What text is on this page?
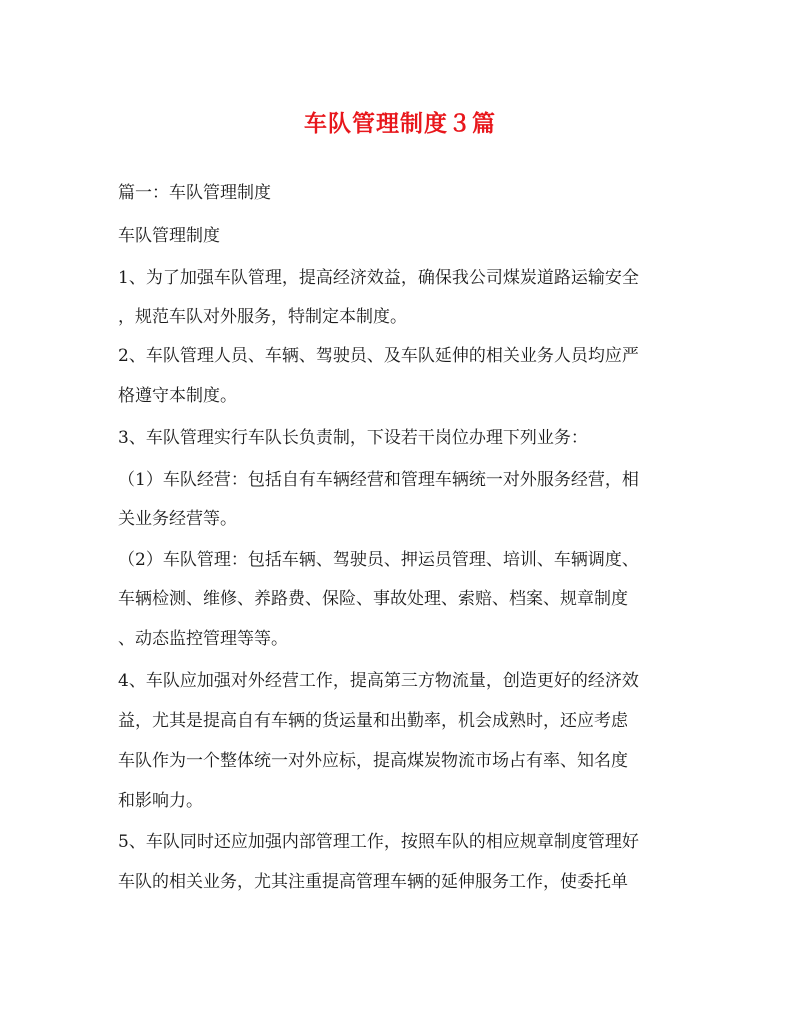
车队管理制度３篇

篇一：车队管理制度

车队管理制度

1、为了加强车队管理，提高经济效益，确保我公司煤炭道路运输安全

，规范车队对外服务，特制定本制度。

2、车队管理人员、车辆、驾驶员、及车队延伸的相关业务人员均应严

格遵守本制度。

3、车队管理实行车队长负责制，下设若干岗位办理下列业务：

（1）车队经营：包括自有车辆经营和管理车辆统一对外服务经营，相

关业务经营等。

（2）车队管理：包括车辆、驾驶员、押运员管理、培训、车辆调度、

车辆检测、维修、养路费、保险、事故处理、索赔、档案、规章制度

、动态监控管理等等。

4、车队应加强对外经营工作，提高第三方物流量，创造更好的经济效

益，尤其是提高自有车辆的货运量和出勤率，机会成熟时，还应考虑

车队作为一个整体统一对外应标，提高煤炭物流市场占有率、知名度

和影响力。

5、车队同时还应加强内部管理工作，按照车队的相应规章制度管理好

车队的相关业务，尤其注重提高管理车辆的延伸服务工作，使委托单
